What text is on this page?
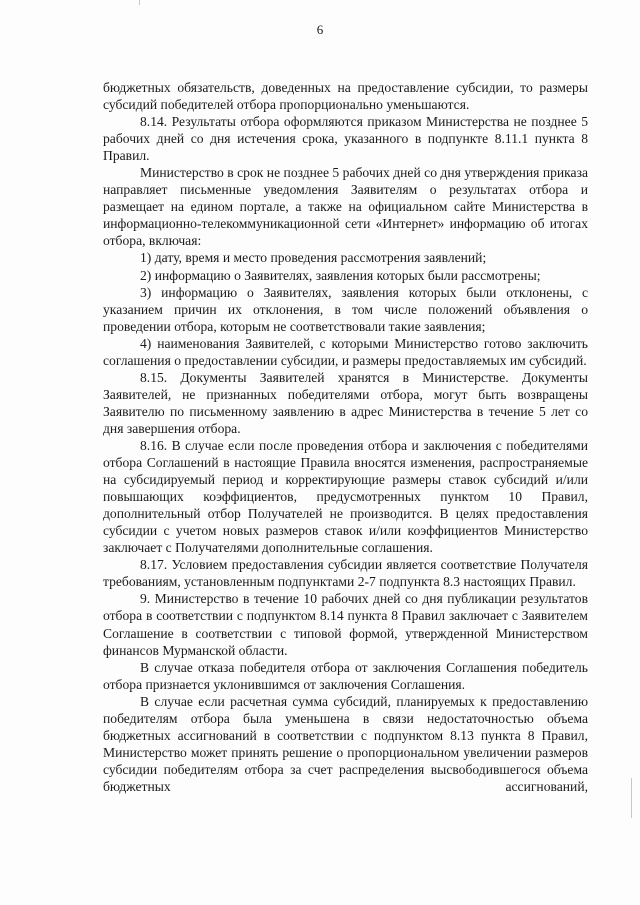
6

бюджетных обязательств, доведенных на предоставление субсидии, то размеры субсидий победителей отбора пропорционально уменьшаются.

8.14. Результаты отбора оформляются приказом Министерства не позднее 5 рабочих дней со дня истечения срока, указанного в подпункте 8.11.1 пункта 8 Правил.

Министерство в срок не позднее 5 рабочих дней со дня утверждения приказа направляет письменные уведомления Заявителям о результатах отбора и размещает на едином портале, а также на официальном сайте Министерства в информационно-телекоммуникационной сети «Интернет» информацию об итогах отбора, включая:

1) дату, время и место проведения рассмотрения заявлений;

2) информацию о Заявителях, заявления которых были рассмотрены;

3) информацию о Заявителях, заявления которых были отклонены, с указанием причин их отклонения, в том числе положений объявления о проведении отбора, которым не соответствовали такие заявления;

4) наименования Заявителей, с которыми Министерство готово заключить соглашения о предоставлении субсидии, и размеры предоставляемых им субсидий.

8.15. Документы Заявителей хранятся в Министерстве. Документы Заявителей, не признанных победителями отбора, могут быть возвращены Заявителю по письменному заявлению в адрес Министерства в течение 5 лет со дня завершения отбора.

8.16. В случае если после проведения отбора и заключения с победителями отбора Соглашений в настоящие Правила вносятся изменения, распространяемые на субсидируемый период и корректирующие размеры ставок субсидий и/или повышающих коэффициентов, предусмотренных пунктом 10 Правил, дополнительный отбор Получателей не производится. В целях предоставления субсидии с учетом новых размеров ставок и/или коэффициентов Министерство заключает с Получателями дополнительные соглашения.

8.17. Условием предоставления субсидии является соответствие Получателя требованиям, установленным подпунктами 2-7 подпункта 8.3 настоящих Правил.

9. Министерство в течение 10 рабочих дней со дня публикации результатов отбора в соответствии с подпунктом 8.14 пункта 8 Правил заключает с Заявителем Соглашение в соответствии с типовой формой, утвержденной Министерством финансов Мурманской области.

В случае отказа победителя отбора от заключения Соглашения победитель отбора признается уклонившимся от заключения Соглашения.

В случае если расчетная сумма субсидий, планируемых к предоставлению победителям отбора была уменьшена в связи недостаточностью объема бюджетных ассигнований в соответствии с подпунктом 8.13 пункта 8 Правил, Министерство может принять решение о пропорциональном увеличении размеров субсидии победителям отбора за счет распределения высвободившегося объема бюджетных ассигнований,
